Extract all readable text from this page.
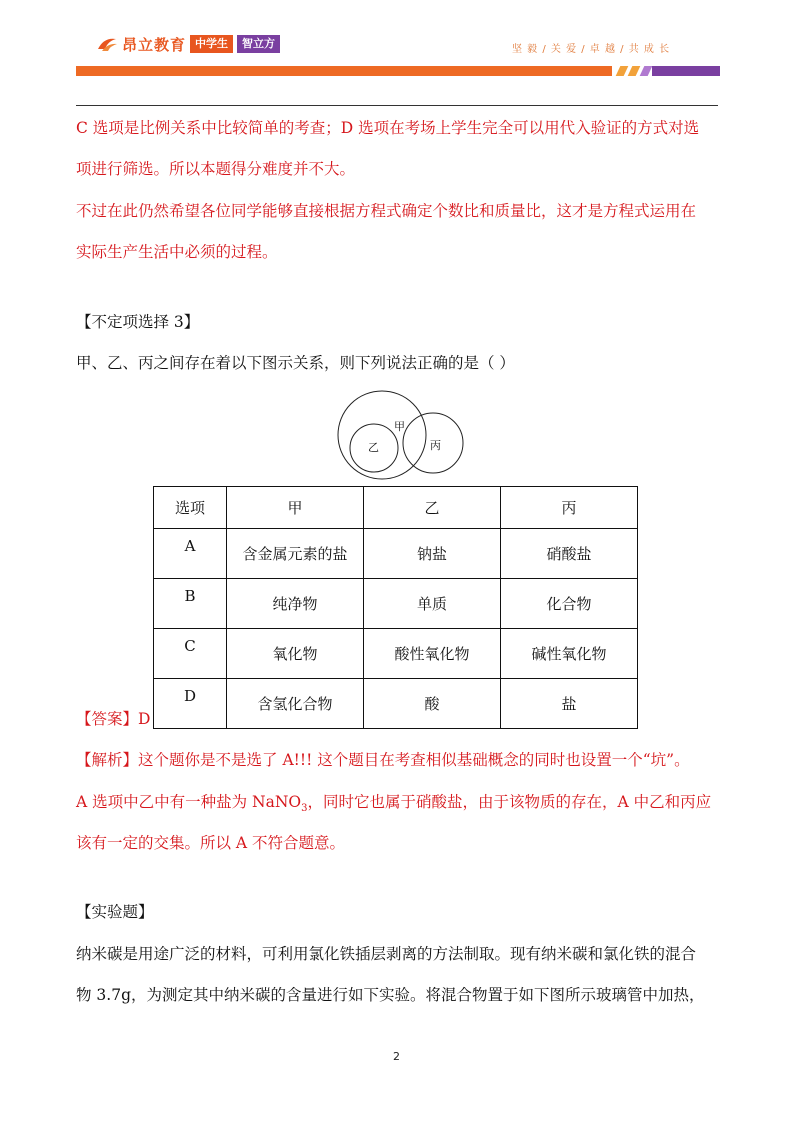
昂立教育 中学生	智立方	坚 毅 / 关 爱 / 卓 越 / 共 成 长
C 选项是比例关系中比较简单的考查；D 选项在考场上学生完全可以用代入验证的方式对选
项进行筛选。所以本题得分难度并不大。
不过在此仍然希望各位同学能够直接根据方程式确定个数比和质量比，这才是方程式运用在
实际生产生活中必须的过程。
【不定项选择 3】
甲、乙、丙之间存在着以下图示关系，则下列说法正确的是（ ）
甲
乙	丙
选项	甲	乙	丙
A	含金属元素的盐	钠盐	硝酸盐
B	纯净物	单质	化合物
C	氧化物	酸性氧化物	碱性氧化物
D	含氢化合物	酸	盐
【答案】D
【解析】这个题你是不是选了 A!!! 这个题目在考查相似基础概念的同时也设置一个“坑”。
A 选项中乙中有一种盐为 NaNO$_3$，同时它也属于硝酸盐，由于该物质的存在，A 中乙和丙应
该有一定的交集。所以 A 不符合题意。
【实验题】
纳米碳是用途广泛的材料，可利用氯化铁插层剥离的方法制取。现有纳米碳和氯化铁的混合
物 3.7g，为测定其中纳米碳的含量进行如下实验。将混合物置于如下图所示玻璃管中加热，
2
